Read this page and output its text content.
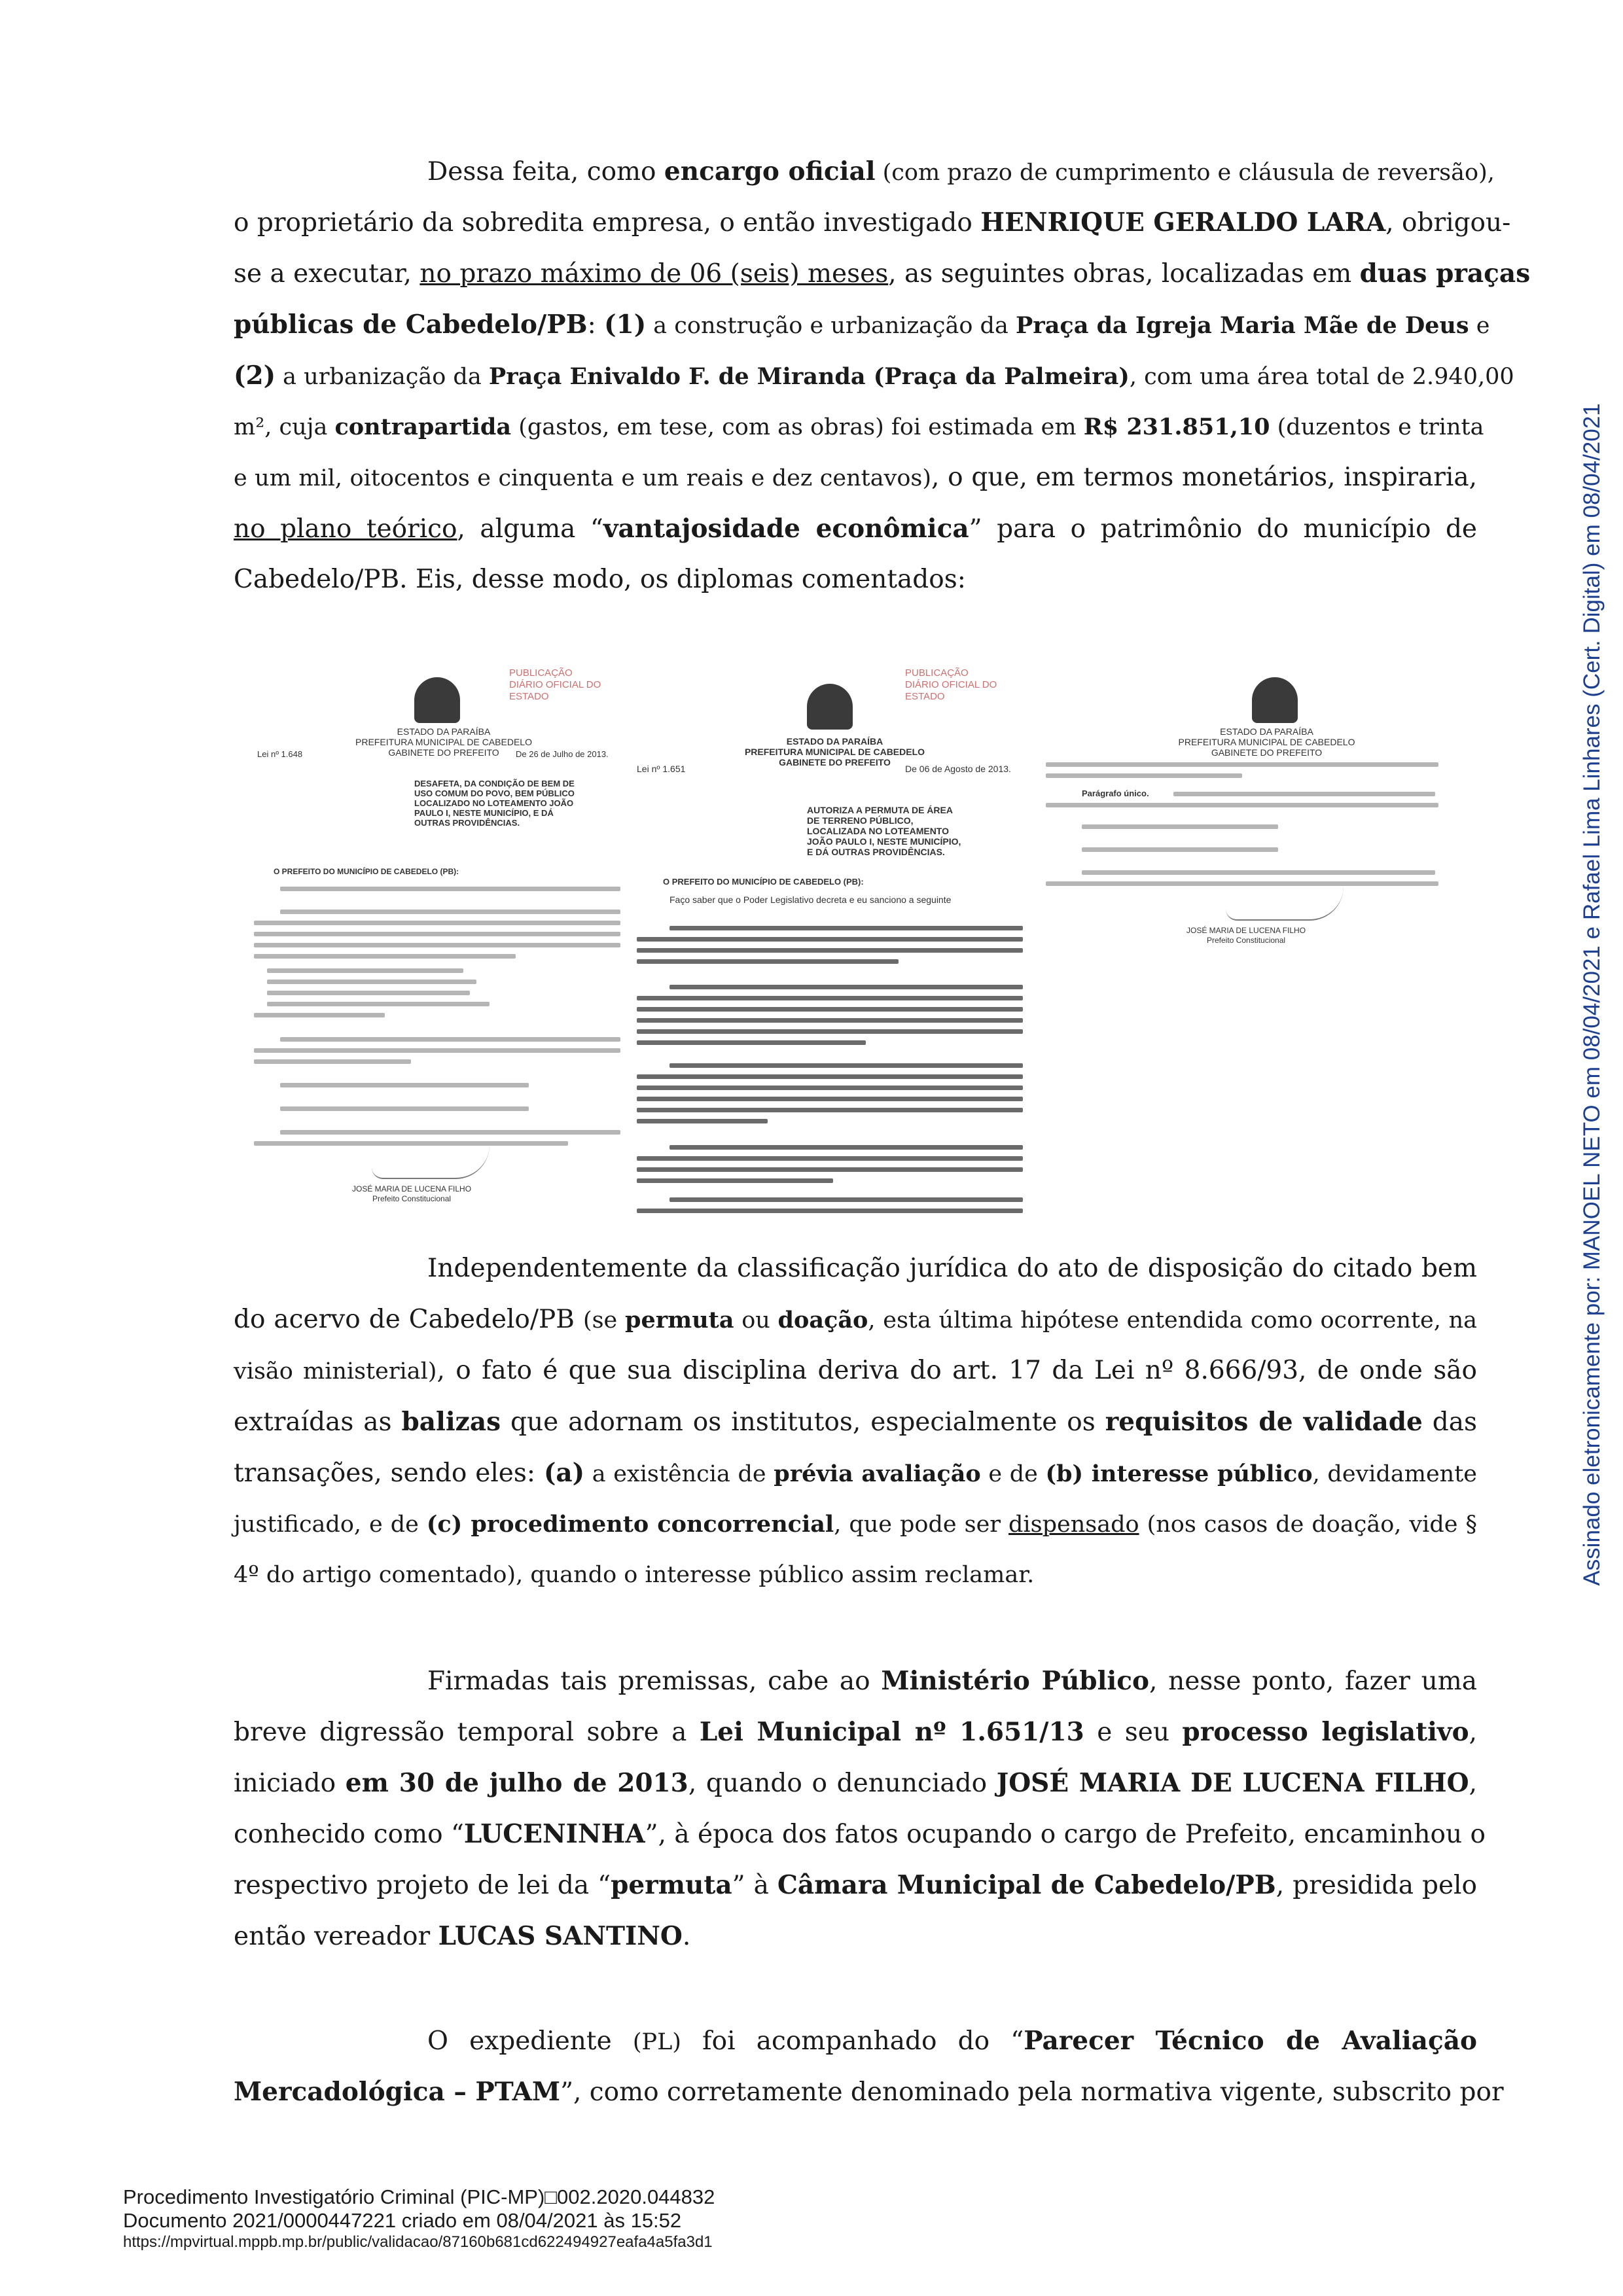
Dessa feita, como encargo oficial (com prazo de cumprimento e cláusula de reversão),
o proprietário da sobredita empresa, o então investigado HENRIQUE GERALDO LARA, obrigou-
se a executar, no prazo máximo de 06 (seis) meses, as seguintes obras, localizadas em duas praças
públicas de Cabedelo/PB: (1) a construção e urbanização da Praça da Igreja Maria Mãe de Deus e
(2) a urbanização da Praça Enivaldo F. de Miranda (Praça da Palmeira), com uma área total de 2.940,00
m², cuja contrapartida (gastos, em tese, com as obras) foi estimada em R$ 231.851,10 (duzentos e trinta
e um mil, oitocentos e cinquenta e um reais e dez centavos), o que, em termos monetários, inspiraria,
no plano teórico, alguma “vantajosidade econômica” para o patrimônio do município de
Cabedelo/PB. Eis, desse modo, os diplomas comentados:
PUBLICAÇÃO
DIÁRIO OFICIAL DO ESTADO
ESTADO DA PARAÍBA
PREFEITURA MUNICIPAL DE CABEDELO
GABINETE DO PREFEITO
Lei nº 1.648	De 26 de Julho de 2013.
DESAFETA, DA CONDIÇÃO DE BEM DE
USO COMUM DO POVO, BEM PÚBLICO
LOCALIZADO NO LOTEAMENTO JOÃO
PAULO I, NESTE MUNICÍPIO, E DÁ
OUTRAS PROVIDÊNCIAS.
O PREFEITO DO MUNICÍPIO DE CABEDELO (PB):
JOSÉ MARIA DE LUCENA FILHO
Prefeito Constitucional
PUBLICAÇÃO
DIÁRIO OFICIAL DO ESTADO
ESTADO DA PARAÍBA
PREFEITURA MUNICIPAL DE CABEDELO
GABINETE DO PREFEITO
Lei nº 1.651	De 06 de Agosto de 2013.
AUTORIZA A PERMUTA DE ÁREA
DE TERRENO PÚBLICO,
LOCALIZADA NO LOTEAMENTO
JOÃO PAULO I, NESTE MUNICÍPIO,
E DÁ OUTRAS PROVIDÊNCIAS.
O PREFEITO DO MUNICÍPIO DE CABEDELO (PB):
Faço saber que o Poder Legislativo decreta e eu sanciono a seguinte
ESTADO DA PARAÍBA
PREFEITURA MUNICIPAL DE CABEDELO
GABINETE DO PREFEITO
Parágrafo único.
JOSÉ MARIA DE LUCENA FILHO
Prefeito Constitucional
Independentemente da classificação jurídica do ato de disposição do citado bem
do acervo de Cabedelo/PB (se permuta ou doação, esta última hipótese entendida como ocorrente, na
visão ministerial), o fato é que sua disciplina deriva do art. 17 da Lei nº 8.666/93, de onde são
extraídas as balizas que adornam os institutos, especialmente os requisitos de validade das
transações, sendo eles: (a) a existência de prévia avaliação e de (b) interesse público, devidamente
justificado, e de (c) procedimento concorrencial, que pode ser dispensado (nos casos de doação, vide §
4º do artigo comentado), quando o interesse público assim reclamar.
Firmadas tais premissas, cabe ao Ministério Público, nesse ponto, fazer uma
breve digressão temporal sobre a Lei Municipal nº 1.651/13 e seu processo legislativo,
iniciado em 30 de julho de 2013, quando o denunciado JOSÉ MARIA DE LUCENA FILHO,
conhecido como “LUCENINHA”, à época dos fatos ocupando o cargo de Prefeito, encaminhou o
respectivo projeto de lei da “permuta” à Câmara Municipal de Cabedelo/PB, presidida pelo
então vereador LUCAS SANTINO.
O expediente (PL) foi acompanhado do “Parecer Técnico de Avaliação
Mercadológica – PTAM”, como corretamente denominado pela normativa vigente, subscrito por
Assinado eletronicamente por: MANOEL NETO em 08/04/2021 e Rafael Lima Linhares (Cert. Digital) em 08/04/2021
Procedimento Investigatório Criminal (PIC-MP)□002.2020.044832
Documento 2021/0000447221 criado em 08/04/2021 às 15:52
https://mpvirtual.mppb.mp.br/public/validacao/87160b681cd622494927eafa4a5fa3d1
